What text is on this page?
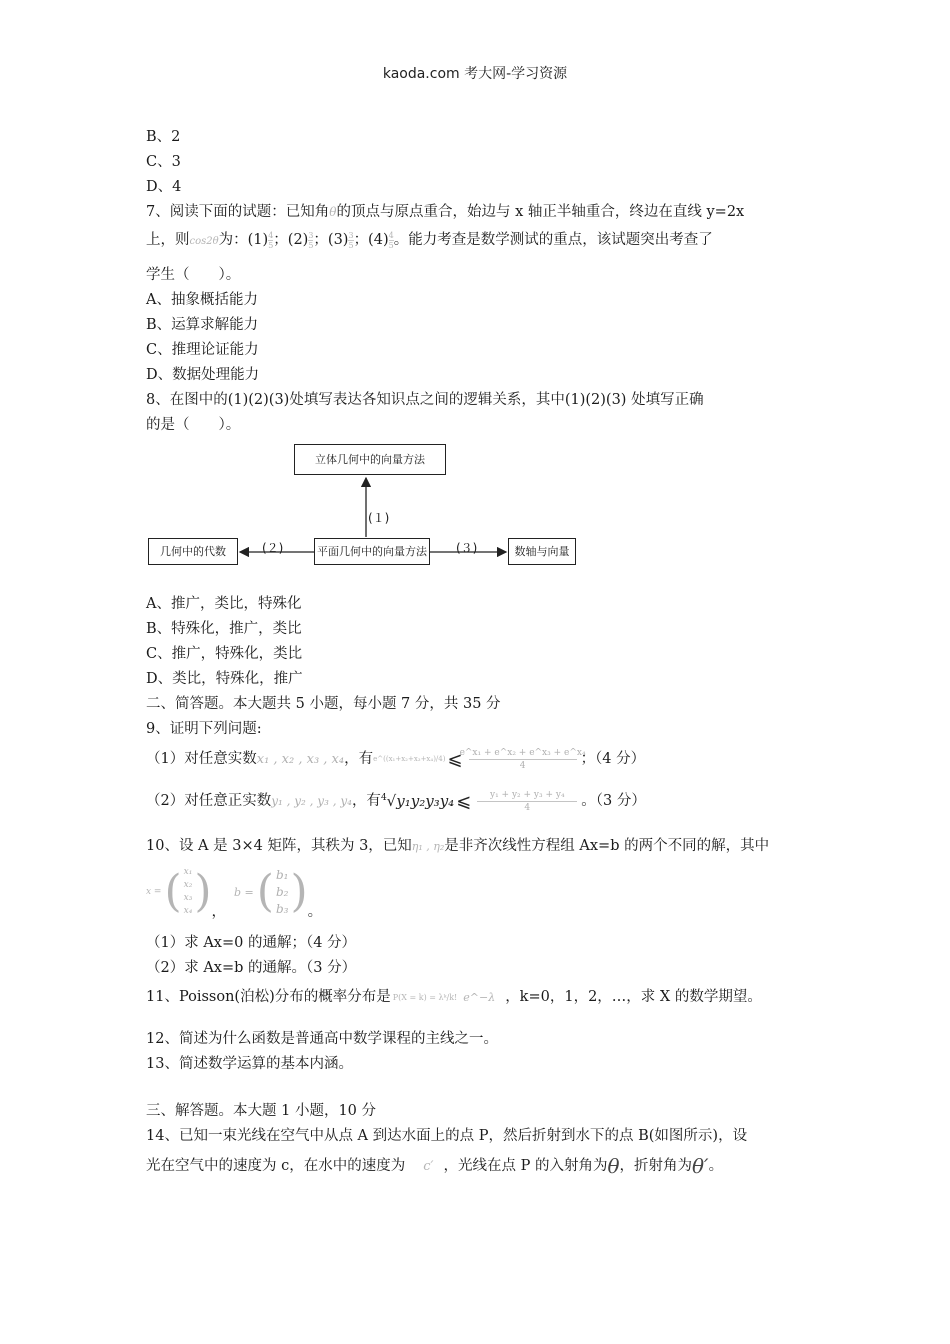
kaoda.com 考大网-学习资源
B、2
C、3
D、4
7、阅读下面的试题：已知角θ的顶点与原点重合，始边与 x 轴正半轴重合，终边在直线 y=2x
上，则cos2θ为：$(1)\frac{4}{5}$ ；$(2)\frac{3}{5}$ ；$(3)\frac{3}{5}$ ；$(4)\frac{4}{5}$ 。能力考查是数学测试的重点，该试题突出考查了
学生（　　）。
A、抽象概括能力
B、运算求解能力
C、推理论证能力
D、数据处理能力
8、在图中的(1)(2)(3)处填写表达各知识点之间的逻辑关系，其中(1)(2)(3) 处填写正确
的是（　　）。
立体几何中的向量方法
平面几何中的向量方法
几何中的代数	数轴与向量
(１)
(２)	(３)
A、推广，类比，特殊化
B、特殊化，推广，类比
C、推广，特殊化，类比
D、类比，特殊化，推广
二、简答题。本大题共 5 小题，每小题 7 分，共 35 分
9、证明下列问题:
（1）对任意实数 x₁ , x₂ , x₃ , x₄ ，有 e^((x₁+x₂+x₃+x₄)/4) ⩽ $\frac{\text{e\textasciicircum{}x₁ + e\textasciicircum{}x₂ + e\textasciicircum{}x₃ + e\textasciicircum{}x₄}}{4}$ ；（4 分）
（2）对任意正实数 y₁ , y₂ , y₃ , y₄ ，有 4 √y₁y₂y₃y₄ ⩽ $\frac{\text{y₁ + y₂ + y₃ + y₄}}{4}$ 。（3 分）
10、设 A 是 3×4 矩阵，其秩为 3，已知η₁ , η₂是非齐次线性方程组 Ax=b 的两个不同的解，其中
x = ( x₁
x₂
x₃
x₄ ) ，
b = ( b₁
b₂
b₃ ) 。
（1）求 Ax=0 的通解；（4 分）
（2）求 Ax=b 的通解。（3 分）
11、Poisson(泊松)分布的概率分布是 P(X = k) = λᵏ/k! e^−λ ，k=0，1，2，…，求 X 的数学期望。
12、简述为什么函数是普通高中数学课程的主线之一。
13、简述数学运算的基本内涵。
三、解答题。本大题 1 小题，10 分
14、已知一束光线在空气中从点 A 到达水面上的点 P，然后折射到水下的点 B(如图所示)，设
光在空气中的速度为 c，在水中的速度为 c′ ，光线在点 P 的入射角为 θ ，折射角为 θ′ 。
